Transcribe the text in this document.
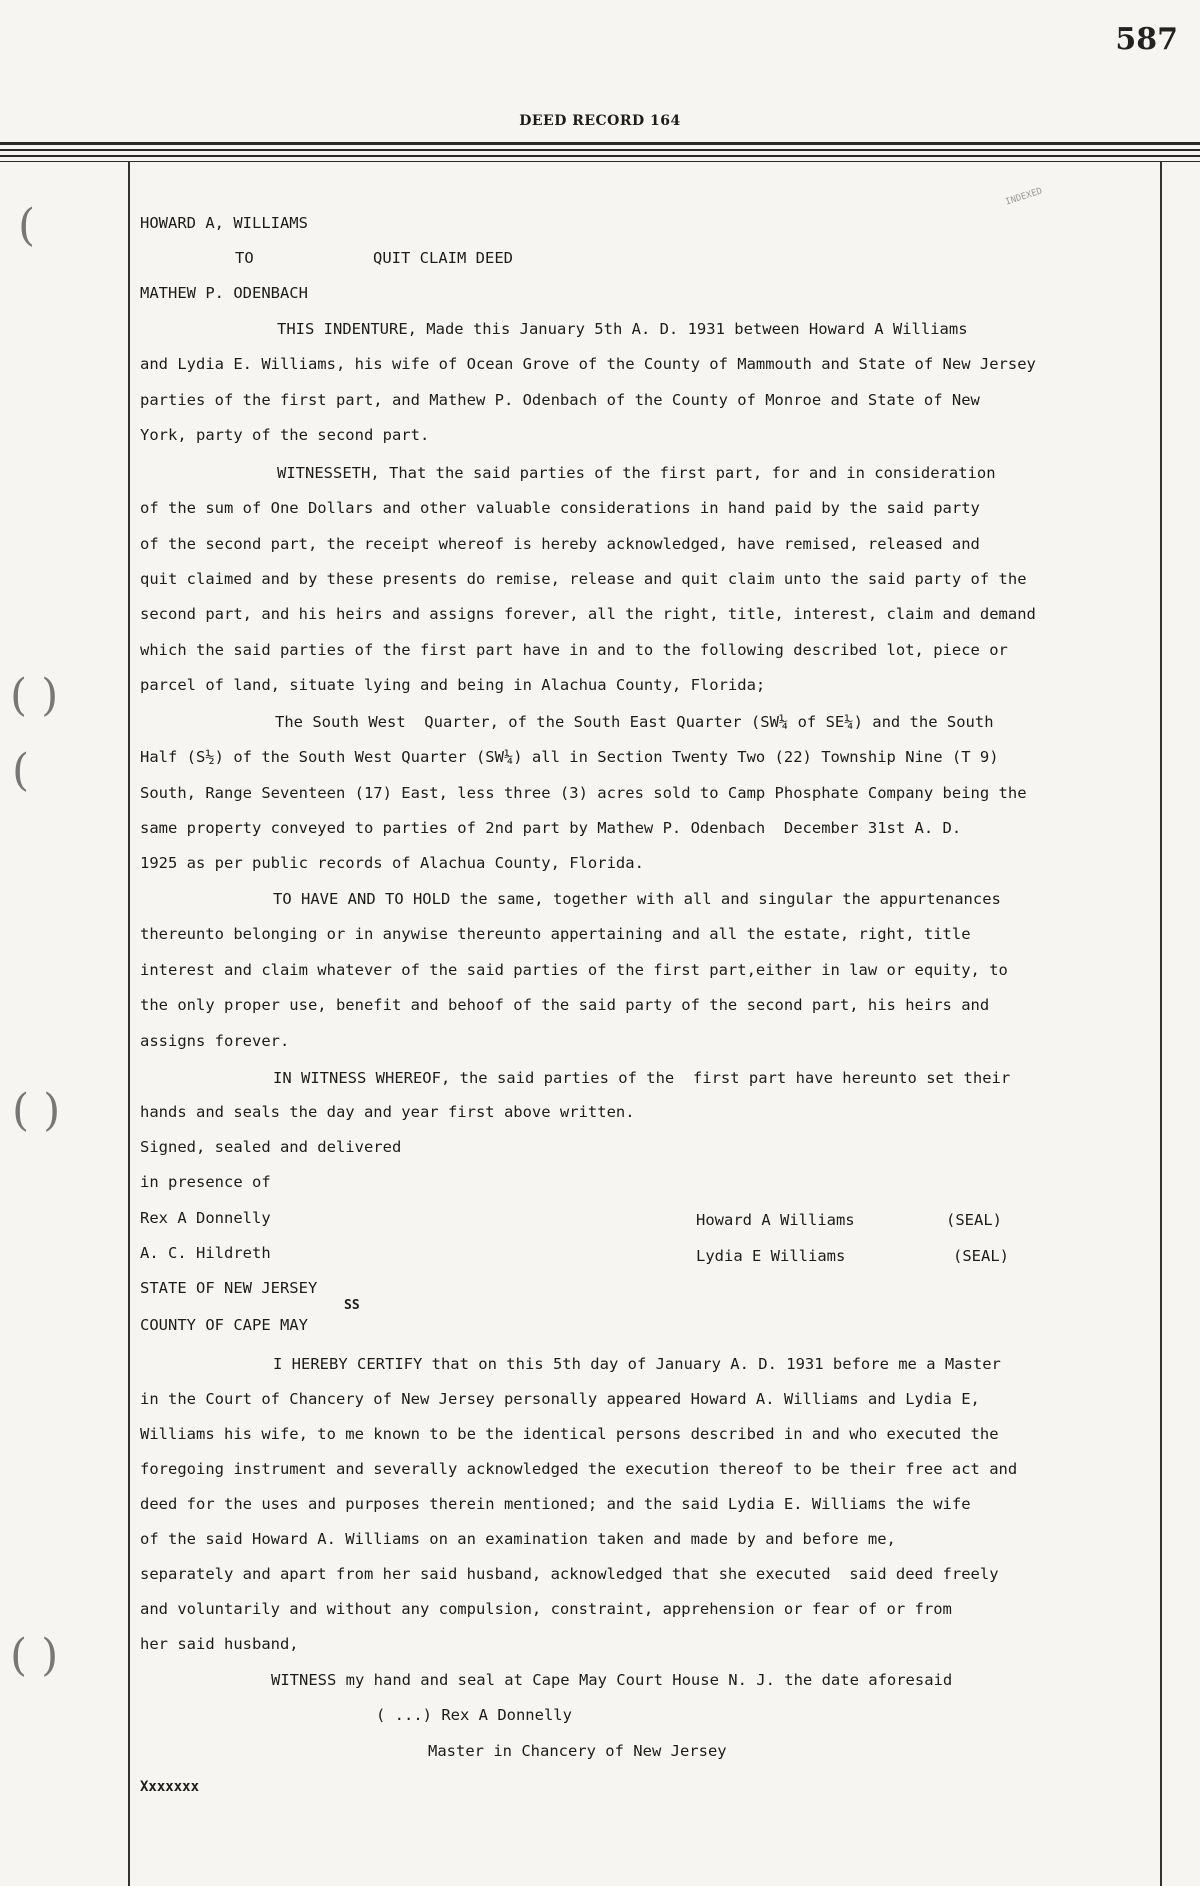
587
DEED RECORD 164
(
( )
(
( )
( )
INDEXED
HOWARD A, WILLIAMS
TO	QUIT CLAIM DEED
MATHEW P. ODENBACH
THIS INDENTURE, Made this January 5th A. D. 1931 between Howard A Williams
and Lydia E. Williams, his wife of Ocean Grove of the County of Mammouth and State of New Jersey
parties of the first part, and Mathew P. Odenbach of the County of Monroe and State of New
York, party of the second part.
WITNESSETH, That the said parties of the first part, for and in consideration
of the sum of One Dollars and other valuable considerations in hand paid by the said party
of the second part, the receipt whereof is hereby acknowledged, have remised, released and
quit claimed and by these presents do remise, release and quit claim unto the said party of the
second part, and his heirs and assigns forever, all the right, title, interest, claim and demand
which the said parties of the first part have in and to the following described lot, piece or
parcel of land, situate lying and being in Alachua County, Florida;
The South West  Quarter, of the South East Quarter (SW¼ of SE¼) and the South
Half (S½) of the South West Quarter (SW¼) all in Section Twenty Two (22) Township Nine (T 9)
South, Range Seventeen (17) East, less three (3) acres sold to Camp Phosphate Company being the
same property conveyed to parties of 2nd part by Mathew P. Odenbach  December 31st A. D.
1925 as per public records of Alachua County, Florida.
TO HAVE AND TO HOLD the same, together with all and singular the appurtenances
thereunto belonging or in anywise thereunto appertaining and all the estate, right, title
interest and claim whatever of the said parties of the first part,either in law or equity, to
the only proper use, benefit and behoof of the said party of the second part, his heirs and
assigns forever.
IN WITNESS WHEREOF, the said parties of the  first part have hereunto set their
hands and seals the day and year first above written.
Signed, sealed and delivered
in presence of
Rex A Donnelly	Howard A Williams	(SEAL)
A. C. Hildreth	Lydia E Williams	(SEAL)
STATE OF NEW JERSEY
SS
COUNTY OF CAPE MAY
I HEREBY CERTIFY that on this 5th day of January A. D. 1931 before me a Master
in the Court of Chancery of New Jersey personally appeared Howard A. Williams and Lydia E,
Williams his wife, to me known to be the identical persons described in and who executed the
foregoing instrument and severally acknowledged the execution thereof to be their free act and
deed for the uses and purposes therein mentioned; and the said Lydia E. Williams the wife
of the said Howard A. Williams on an examination taken and made by and before me,
separately and apart from her said husband, acknowledged that she executed  said deed freely
and voluntarily and without any compulsion, constraint, apprehension or fear of or from
her said husband,
WITNESS my hand and seal at Cape May Court House N. J. the date aforesaid
( ...) Rex A Donnelly
Master in Chancery of New Jersey
Xxxxxxx
